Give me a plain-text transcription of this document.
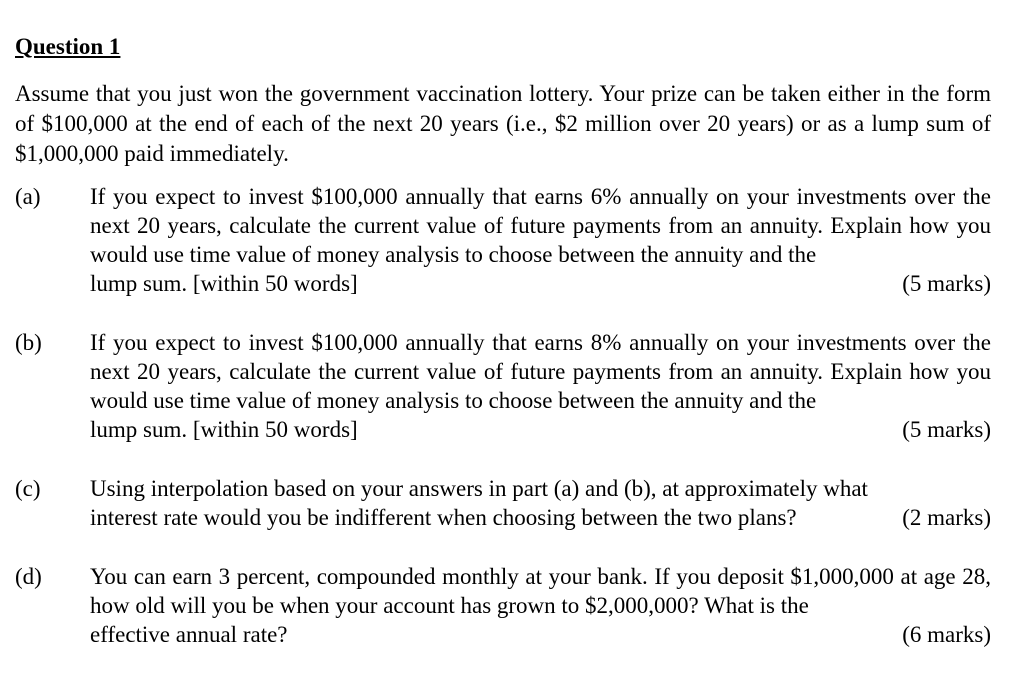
Question 1
Assume that you just won the government vaccination lottery. Your prize can be taken either in the form of $100,000 at the end of each of the next 20 years (i.e., $2 million over 20 years) or as a lump sum of $1,000,000 paid immediately.
(a)	If you expect to invest $100,000 annually that earns 6% annually on your investments over the next 20 years, calculate the current value of future payments from an annuity. Explain how you would use time value of money analysis to choose between the annuity and the
lump sum. [within 50 words]	(5 marks)
(b)	If you expect to invest $100,000 annually that earns 8% annually on your investments over the next 20 years, calculate the current value of future payments from an annuity. Explain how you would use time value of money analysis to choose between the annuity and the
lump sum. [within 50 words]	(5 marks)
(c)	Using interpolation based on your answers in part (a) and (b), at approximately what
interest rate would you be indifferent when choosing between the two plans?	(2 marks)
(d)	You can earn 3 percent, compounded monthly at your bank. If you deposit $1,000,000 at age 28, how old will you be when your account has grown to $2,000,000? What is the
effective annual rate?	(6 marks)
